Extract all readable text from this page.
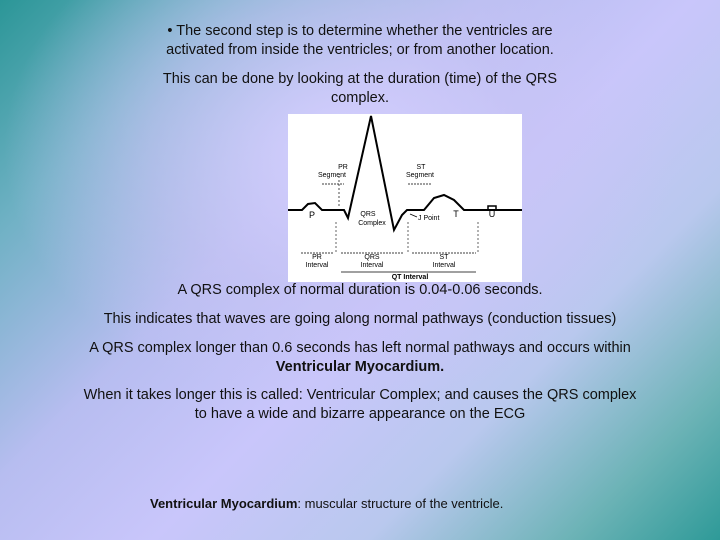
• The second step is to determine whether the ventricles are
activated from inside the ventricles; or from another location.
This can be done by looking at the duration (time) of the QRS
complex.
PR
Segment
ST
Segment
P	QRS
Complex
J Point T	U
PR
Interval
QRS
Interval
ST
Interval
QT Interval
A QRS complex of normal duration is 0.04-0.06 seconds.
This indicates that waves are going along normal pathways (conduction tissues)
A QRS complex longer than 0.6 seconds has left normal pathways and occurs within
Ventricular Myocardium.
When it takes longer this is called: Ventricular Complex; and causes the QRS complex
to have a wide and bizarre appearance on the ECG
Ventricular Myocardium: muscular structure of the ventricle.
